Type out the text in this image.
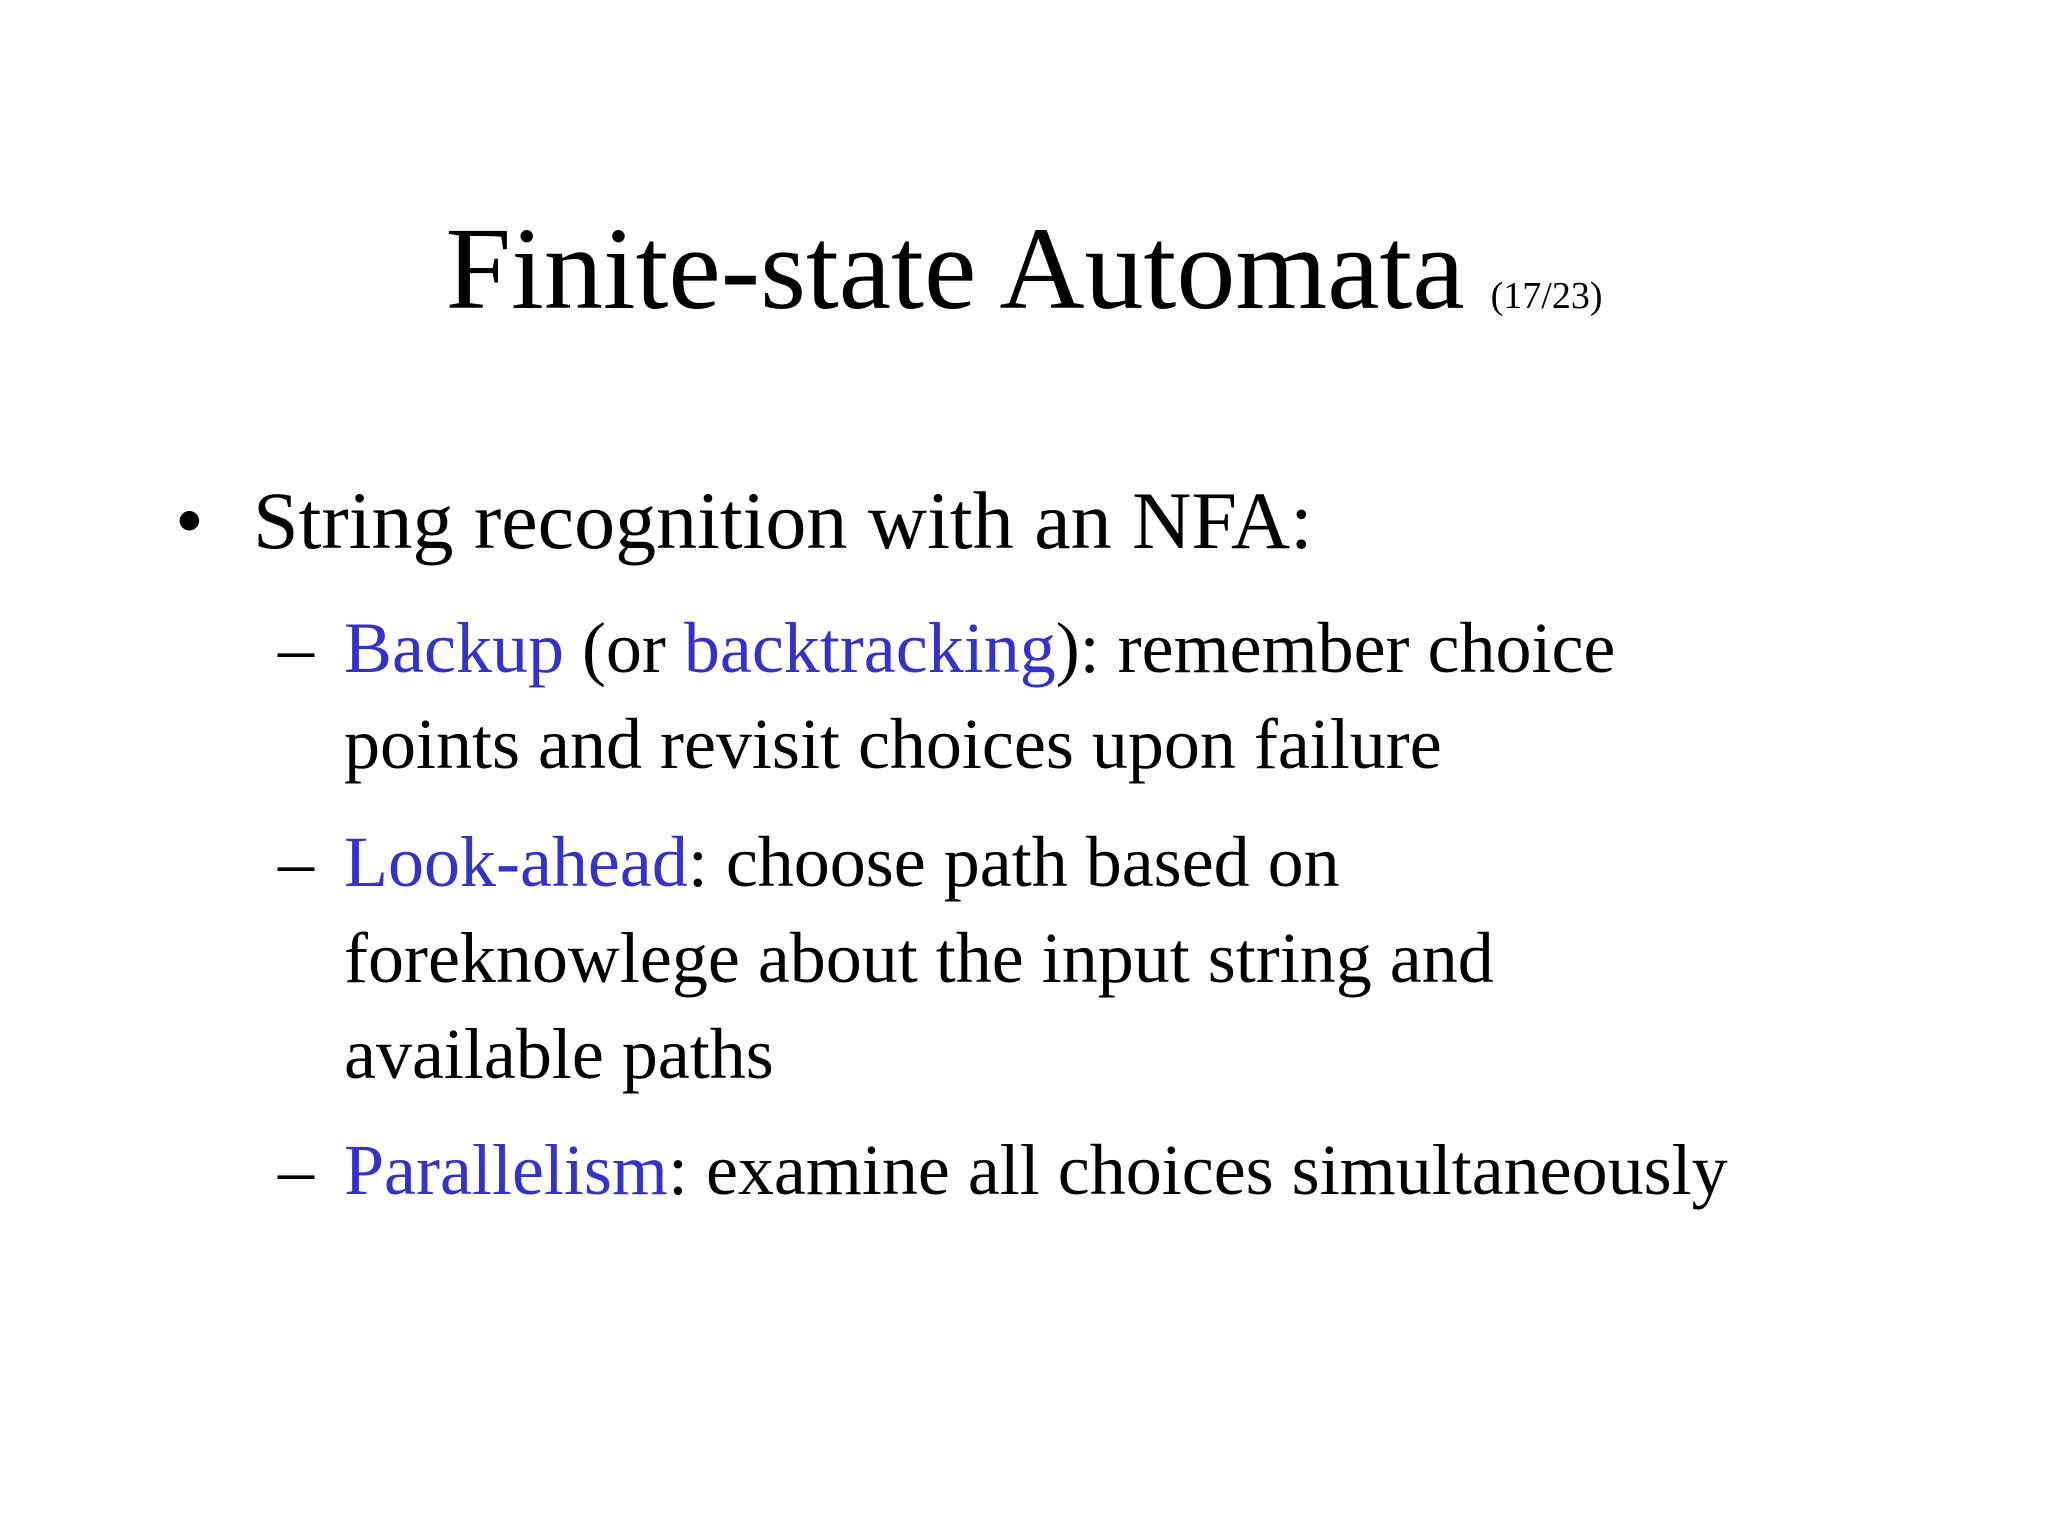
Finite-state Automata (17/23)
• String recognition with an NFA:
– Backup (or backtracking): remember choice
points and revisit choices upon failure
– Look-ahead: choose path based on
foreknowlege about the input string and
available paths
– Parallelism: examine all choices simultaneously
